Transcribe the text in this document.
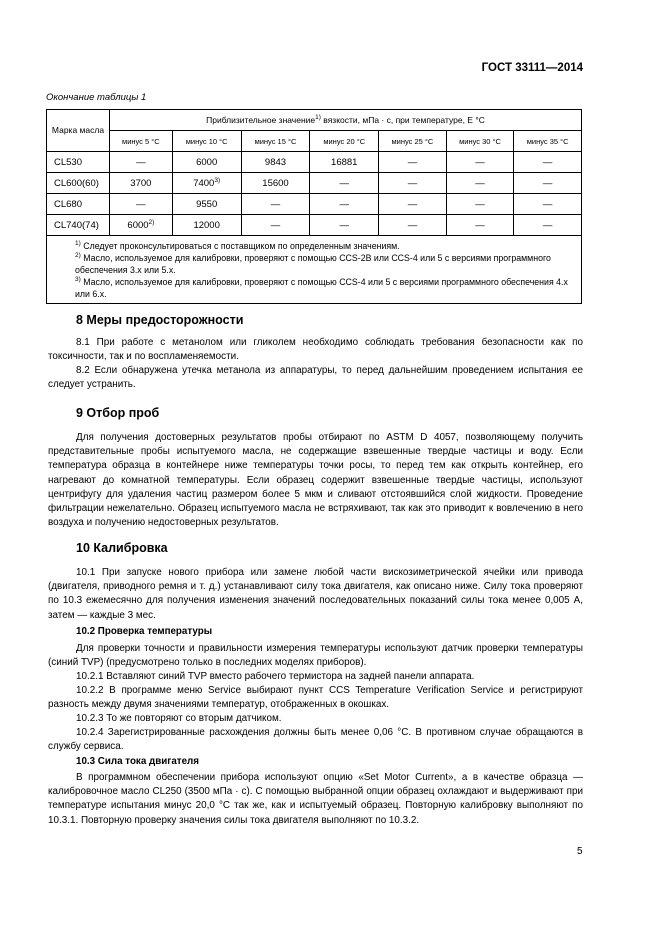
ГОСТ 33111—2014
Окончание таблицы 1
Марка масла	Приблизительное значение$^{1)}$ вязкости, мПа · с, при температуре, Е °С						
	минус 5 °С	минус 10 °С	минус 15 °С	минус 20 °С	минус 25 °С	минус 30 °С	минус 35 °С
CL530	—	6000	9843	16881	—	—	—
CL600(60)	3700	7400$^{3)}$	15600	—	—	—	—
CL680	—	9550	—	—	—	—	—
CL740(74)	6000$^{2)}$	12000	—	—	—	—	—

$^{1)}$ Следует проконсультироваться с поставщиком по определенным значениям.
$^{2)}$ Масло, используемое для калибровки, проверяют с помощью CCS-2B или CCS-4 или 5 с версиями программного обеспечения 3.х или 5.х.
$^{3)}$ Масло, используемое для калибровки, проверяют с помощью CCS-4 или 5 с версиями программного обеспечения 4.х или 6.х.							
8 Меры предосторожности
8.1 При работе с метанолом или гликолем необходимо соблюдать требования безопасности как по токсичности, так и по воспламеняемости.
8.2 Если обнаружена утечка метанола из аппаратуры, то перед дальнейшим проведением испытания ее следует устранить.
9 Отбор проб
Для получения достоверных результатов пробы отбирают по ASTM D 4057, позволяющему получить представительные пробы испытуемого масла, не содержащие взвешенные твердые частицы и воду. Если температура образца в контейнере ниже температуры точки росы, то перед тем как открыть контейнер, его нагревают до комнатной температуры. Если образец содержит взвешенные твердые частицы, используют центрифугу для удаления частиц размером более 5 мкм и сливают отстоявшийся слой жидкости. Проведение фильтрации нежелательно. Образец испытуемого масла не встряхивают, так как это приводит к вовлечению в него воздуха и получению недостоверных результатов.
10 Калибровка
10.1 При запуске нового прибора или замене любой части вискозиметрической ячейки или привода (двигателя, приводного ремня и т. д.) устанавливают силу тока двигателя, как описано ниже. Силу тока проверяют по 10.3 ежемесячно для получения изменения значений последовательных показаний силы тока менее 0,005 А, затем — каждые 3 мес.
10.2 Проверка температуры
Для проверки точности и правильности измерения температуры используют датчик проверки температуры (синий TVP) (предусмотрено только в последних моделях приборов).
10.2.1 Вставляют синий TVP вместо рабочего термистора на задней панели аппарата.
10.2.2 В программе меню Service выбирают пункт CCS Temperature Verification Service и регистрируют разность между двумя значениями температур, отображенных в окошках.
10.2.3 То же повторяют со вторым датчиком.
10.2.4 Зарегистрированные расхождения должны быть менее 0,06 °С. В противном случае обращаются в службу сервиса.
10.3 Сила тока двигателя
В программном обеспечении прибора используют опцию «Set Motor Current», а в качестве образца — калибровочное масло CL250 (3500 мПа · с). С помощью выбранной опции образец охлаждают и выдерживают при температуре испытания минус 20,0 °С так же, как и испытуемый образец. Повторную калибровку выполняют по 10.3.1. Повторную проверку значения силы тока двигателя выполняют по 10.3.2.
5
